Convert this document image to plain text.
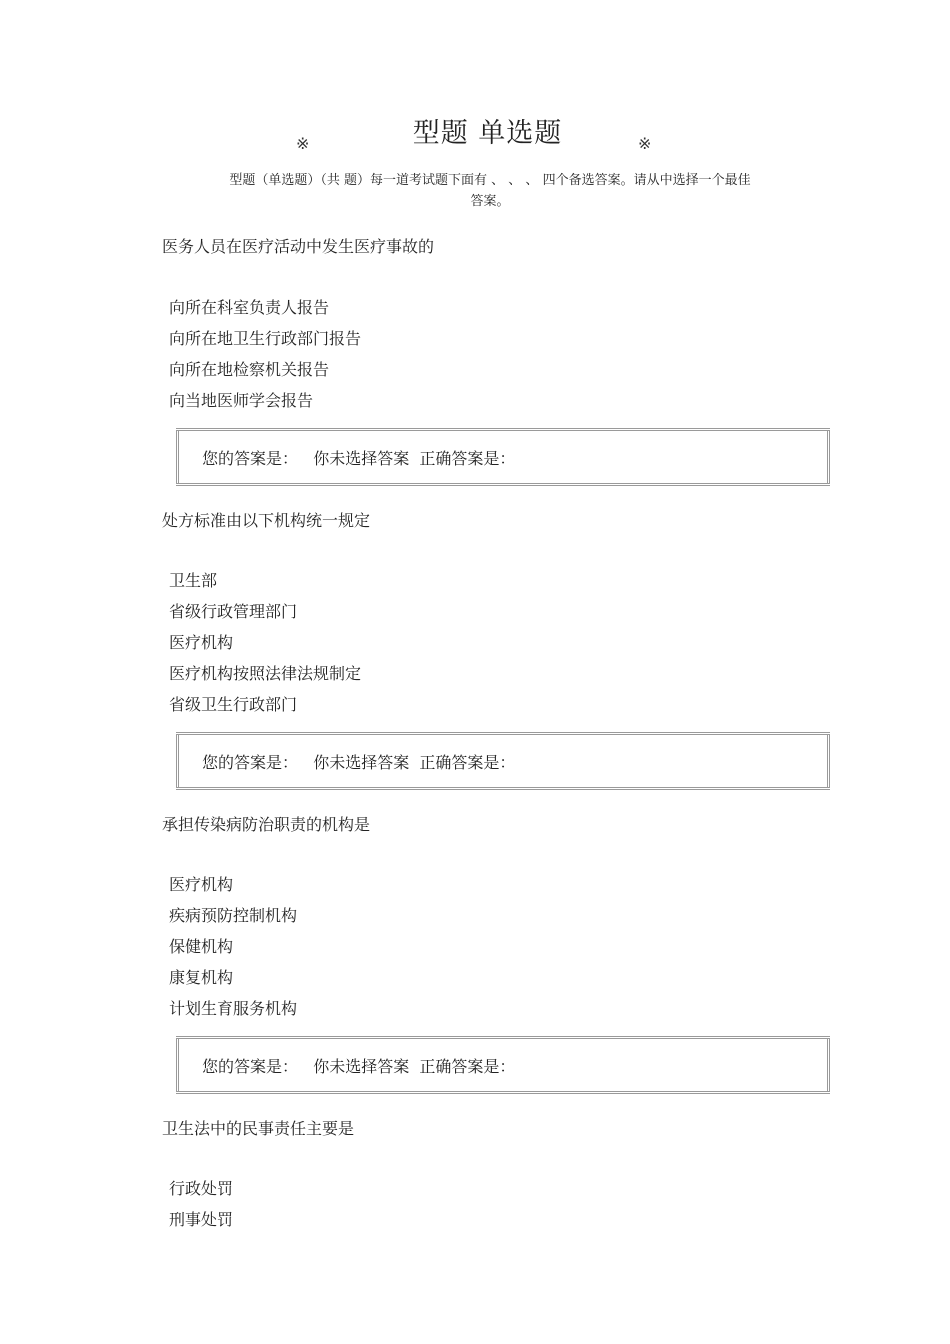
型题 单选题
※	※
型题（单选题）（共 题）每一道考试题下面有 、 、 、 四个备选答案。请从中选择一个最佳
答案。
医务人员在医疗活动中发生医疗事故的
向所在科室负责人报告
向所在地卫生行政部门报告
向所在地检察机关报告
向当地医师学会报告
您的答案是：   你未选择答案  正确答案是：
处方标准由以下机构统一规定
卫生部
省级行政管理部门
医疗机构
医疗机构按照法律法规制定
省级卫生行政部门
您的答案是：   你未选择答案  正确答案是：
承担传染病防治职责的机构是
医疗机构
疾病预防控制机构
保健机构
康复机构
计划生育服务机构
您的答案是：   你未选择答案  正确答案是：
卫生法中的民事责任主要是
行政处罚
刑事处罚
